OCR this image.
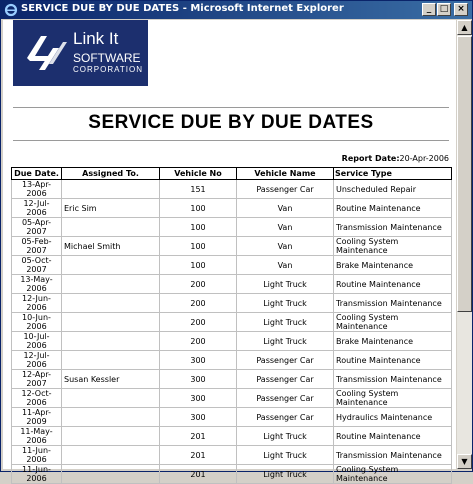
SERVICE DUE BY DUE DATES - Microsoft Internet Explorer	_ □ ×
Link It
SOFTWARE
CORPORATION
SERVICE DUE BY DUE DATES
Report Date:20-Apr-2006
Due Date.	Assigned To.	Vehicle No	Vehicle Name	Service Type
13-Apr-2006		151	Passenger Car	Unscheduled Repair
12-Jul-2006	Eric Sim	100	Van	Routine Maintenance
05-Apr-2007		100	Van	Transmission Maintenance
05-Feb-2007	Michael Smith	100	Van	Cooling System Maintenance
05-Oct-2007		100	Van	Brake Maintenance
13-May-2006		200	Light Truck	Routine Maintenance
12-Jun-2006		200	Light Truck	Transmission Maintenance
10-Jun-2006		200	Light Truck	Cooling System Maintenance
10-Jul-2006		200	Light Truck	Brake Maintenance
12-Jul-2006		300	Passenger Car	Routine Maintenance
12-Apr-2007	Susan Kessler	300	Passenger Car	Transmission Maintenance
12-Oct-2006		300	Passenger Car	Cooling System Maintenance
11-Apr-2009		300	Passenger Car	Hydraulics Maintenance
11-May-2006		201	Light Truck	Routine Maintenance
11-Jun-2006		201	Light Truck	Transmission Maintenance
11-Jun-2006		201	Light Truck	Cooling System Maintenance
▲
▼
